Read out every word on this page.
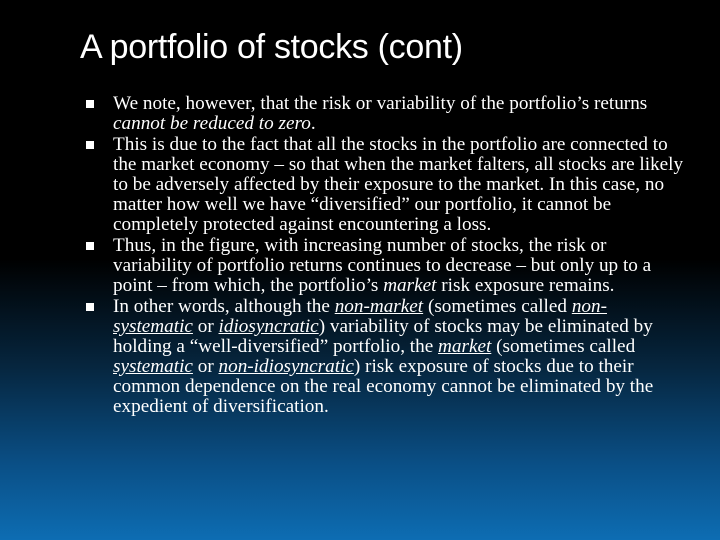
A portfolio of stocks (cont)
We note, however, that the risk or variability of the portfolio’s returns cannot be reduced to zero.
This is due to the fact that all the stocks in the portfolio are connected to the market economy – so that when the market falters, all stocks are likely to be adversely affected by their exposure to the market. In this case, no matter how well we have “diversified” our portfolio, it cannot be completely protected against encountering a loss.
Thus, in the figure, with increasing number of stocks, the risk or variability of portfolio returns continues to decrease – but only up to a point – from which, the portfolio’s market risk exposure remains.
In other words, although the non-market (sometimes called non-systematic or idiosyncratic) variability of stocks may be eliminated by holding a “well-diversified” portfolio, the market (sometimes called systematic or non-idiosyncratic) risk exposure of stocks due to their common dependence on the real economy cannot be eliminated by the expedient of diversification.
